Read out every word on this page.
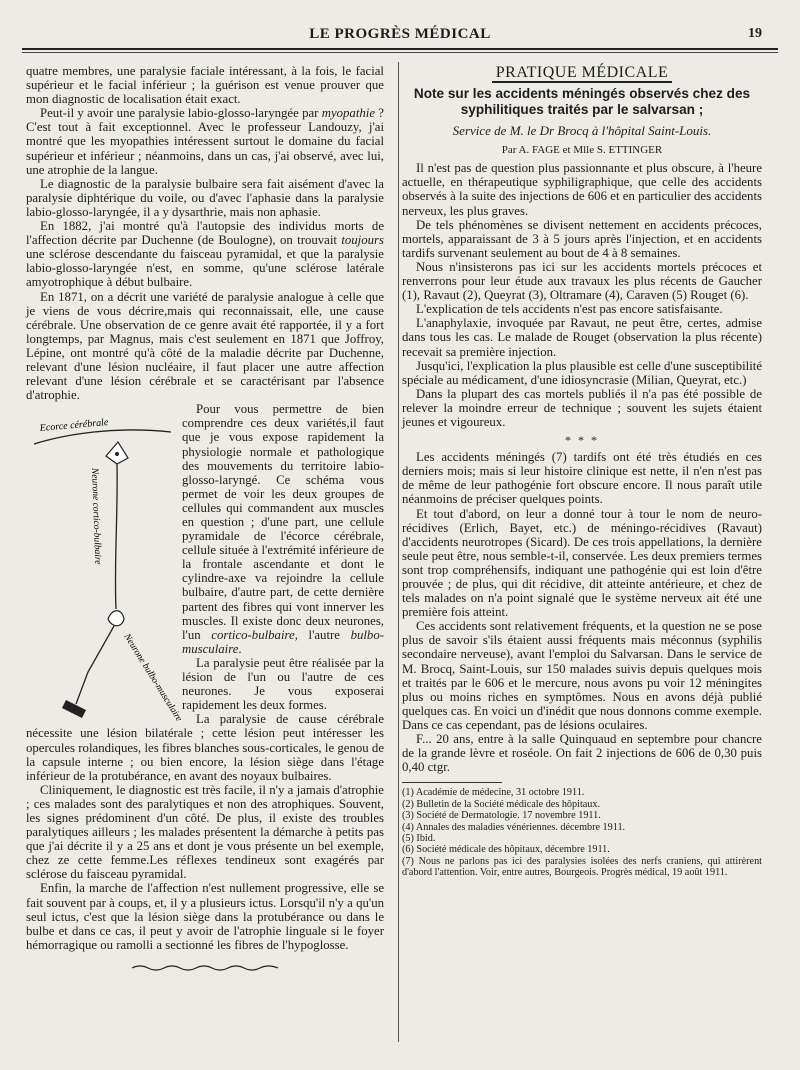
LE PROGRÈS MÉDICAL	19

quatre membres, une paralysie faciale intéressant, à la fois, le facial supérieur et le facial inférieur ; la guérison est venue prouver que mon diagnostic de localisation était exact.

Peut-il y avoir une paralysie labio-glosso-laryngée par myopathie ? C'est tout à fait exceptionnel. Avec le professeur Landouzy, j'ai montré que les myopathies intéressent surtout le domaine du facial supérieur et inférieur ; néanmoins, dans un cas, j'ai observé, avec lui, une atrophie de la langue.

Le diagnostic de la paralysie bulbaire sera fait aisément d'avec la paralysie diphtérique du voile, ou d'avec l'aphasie dans la paralysie labio-glosso-laryngée, il a y dysarthrie, mais non aphasie.

En 1882, j'ai montré qu'à l'autopsie des individus morts de l'affection décrite par Duchenne (de Boulogne), on trouvait toujours une sclérose descendante du faisceau pyramidal, et que la paralysie labio-glosso-laryngée n'est, en somme, qu'une sclérose latérale amyotrophique à début bulbaire.

En 1871, on a décrit une variété de paralysie analogue à celle que je viens de vous décrire,mais qui reconnaissait, elle, une cause cérébrale. Une observation de ce genre avait été rapportée, il y a fort longtemps, par Magnus, mais c'est seulement en 1871 que Joffroy, Lépine, ont montré qu'à côté de la maladie décrite par Duchenne, relevant d'une lésion nucléaire, il faut placer une autre affection relevant d'une lésion cérébrale et se caractérisant par l'absence d'atrophie.

Ecorce cérébrale
Neurone cortico-bulbaire
Neurone bulbo-musculaire

Pour vous permettre de bien comprendre ces deux variétés,il faut que je vous expose rapidement la physiologie normale et pathologique des mouvements du territoire labio-glosso-laryngé. Ce schéma vous permet de voir les deux groupes de cellules qui commandent aux muscles en question ; d'une part, une cellule pyramidale de l'écorce cérébrale, cellule située à l'extrémité inférieure de la frontale ascendante et dont le cylindre-axe va rejoindre la cellule bulbaire, d'autre part, de cette dernière partent des fibres qui vont innerver les muscles. Il existe donc deux neurones, l'un cortico-bulbaire, l'autre bulbo-musculaire.

La paralysie peut être réalisée par la lésion de l'un ou l'autre de ces neurones. Je vous exposerai rapidement les deux formes.

La paralysie de cause cérébrale nécessite une lésion bilatérale ; cette lésion peut intéresser les opercules rolandiques, les fibres blanches sous-corticales, le genou de la capsule interne ; ou bien encore, la lésion siège dans l'étage inférieur de la protubérance, en avant des noyaux bulbaires.

Cliniquement, le diagnostic est très facile, il n'y a jamais d'atrophie ; ces malades sont des paralytiques et non des atrophiques. Souvent, les signes prédominent d'un côté. De plus, il existe des troubles paralytiques ailleurs ; les malades présentent la démarche à petits pas que j'ai décrite il y a 25 ans et dont je vous présente un bel exemple, chez ze cette femme.Les réflexes tendineux sont exagérés par sclérose du faisceau pyramidal.

Enfin, la marche de l'affection n'est nullement progressive, elle se fait souvent par à coups, et, il y a plusieurs ictus. Lorsqu'il n'y a qu'un seul ictus, c'est que la lésion siège dans la protubérance ou dans le bulbe et dans ce cas, il peut y avoir de l'atrophie linguale si le foyer hémorragique ou ramolli a sectionné les fibres de l'hypoglosse.

PRATIQUE MÉDICALE
Note sur les accidents méningés observés chez des syphilitiques traités par le salvarsan ;
Service de M. le Dr Brocq à l'hôpital Saint-Louis.
Par A. FAGE et Mlle S. ETTINGER

Il n'est pas de question plus passionnante et plus obscure, à l'heure actuelle, en thérapeutique syphiligraphique, que celle des accidents observés à la suite des injections de 606 et en particulier des accidents nerveux, les plus graves.

De tels phénomènes se divisent nettement en accidents précoces, mortels, apparaissant de 3 à 5 jours après l'injection, et en accidents tardifs survenant seulement au bout de 4 à 8 semaines.

Nous n'insisterons pas ici sur les accidents mortels précoces et renverrons pour leur étude aux travaux les plus récents de Gaucher (1), Ravaut (2), Queyrat (3), Oltramare (4), Caraven (5) Rouget (6).

L'explication de tels accidents n'est pas encore satisfaisante.

L'anaphylaxie, invoquée par Ravaut, ne peut être, certes, admise dans tous les cas. Le malade de Rouget (observation la plus récente) recevait sa première injection.

Jusqu'ici, l'explication la plus plausible est celle d'une susceptibilité spéciale au médicament, d'une idiosyncrasie (Milian, Queyrat, etc.)

Dans la plupart des cas mortels publiés il n'a pas été possible de relever la moindre erreur de technique ; souvent les sujets étaient jeunes et vigoureux.

* * *

Les accidents méningés (7) tardifs ont été très étudiés en ces derniers mois; mais si leur histoire clinique est nette, il n'en n'est pas de même de leur pathogénie fort obscure encore. Il nous paraît utile néanmoins de préciser quelques points.

Et tout d'abord, on leur a donné tour à tour le nom de neuro-récidives (Erlich, Bayet, etc.) de méningo-récidives (Ravaut) d'accidents neurotropes (Sicard). De ces trois appellations, la dernière seule peut être, nous semble-t-il, conservée. Les deux premiers termes sont trop compréhensifs, indiquant une pathogénie qui est loin d'être prouvée ; de plus, qui dit récidive, dit atteinte antérieure, et chez de tels malades on n'a point signalé que le système nerveux ait été une première fois atteint.

Ces accidents sont relativement fréquents, et la question ne se pose plus de savoir s'ils étaient aussi fréquents mais méconnus (syphilis secondaire nerveuse), avant l'emploi du Salvarsan. Dans le service de M. Brocq, Saint-Louis, sur 150 malades suivis depuis quelques mois et traités par le 606 et le mercure, nous avons pu voir 12 méningites plus ou moins riches en symptômes. Nous en avons déjà publié quelques cas. En voici un d'inédit que nous donnons comme exemple. Dans ce cas cependant, pas de lésions oculaires.

F... 20 ans, entre à la salle Quinquaud en septembre pour chancre de la grande lèvre et roséole. On fait 2 injections de 606 de 0,30 puis 0,40 ctgr.

(1) Académie de médecine, 31 octobre 1911.

(2) Bulletin de la Société médicale des hôpitaux.

(3) Société de Dermatologie. 17 novembre 1911.

(4) Annales des maladies vénériennes. décembre 1911.

(5) Ibid.

(6) Société médicale des hôpitaux, décembre 1911.

(7) Nous ne parlons pas ici des paralysies isolées des nerfs craniens, qui attirèrent d'abord l'attention. Voir, entre autres, Bourgeois. Progrès médical, 19 août 1911.
